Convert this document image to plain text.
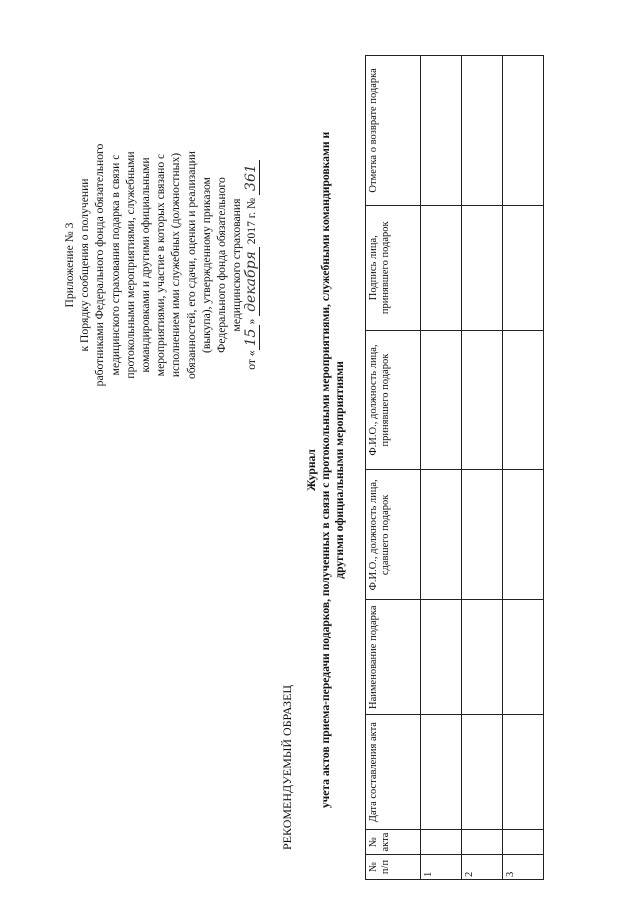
Приложение № 3 к Порядку сообщения о получении работниками Федерального фонда обязательного медицинского страхования подарка в связи с протокольными мероприятиями, служебными командировками и другими официальными мероприятиями, участие в которых связано с исполнением ими служебных (должностных) обязанностей, его сдачи, оценки и реализации (выкупа), утвержденному приказом Федерального фонда обязательного медицинского страхования
от «15» декабря 2017 г. № 361
РЕКОМЕНДУЕМЫЙ ОБРАЗЕЦ
Журнал учета актов приема-передачи подарков, полученных в связи с протокольными мероприятиями, служебными командировками и другими официальными мероприятиями
№ п/п	№ акта	Дата составления акта	Наименование подарка	Ф.И.О., должность лица, сдавшего подарок	Ф.И.О., должность лица, принявшего подарок	Подпись лица, принявшего подарок	Отметка о возврате подарка
1							
2							
3							
